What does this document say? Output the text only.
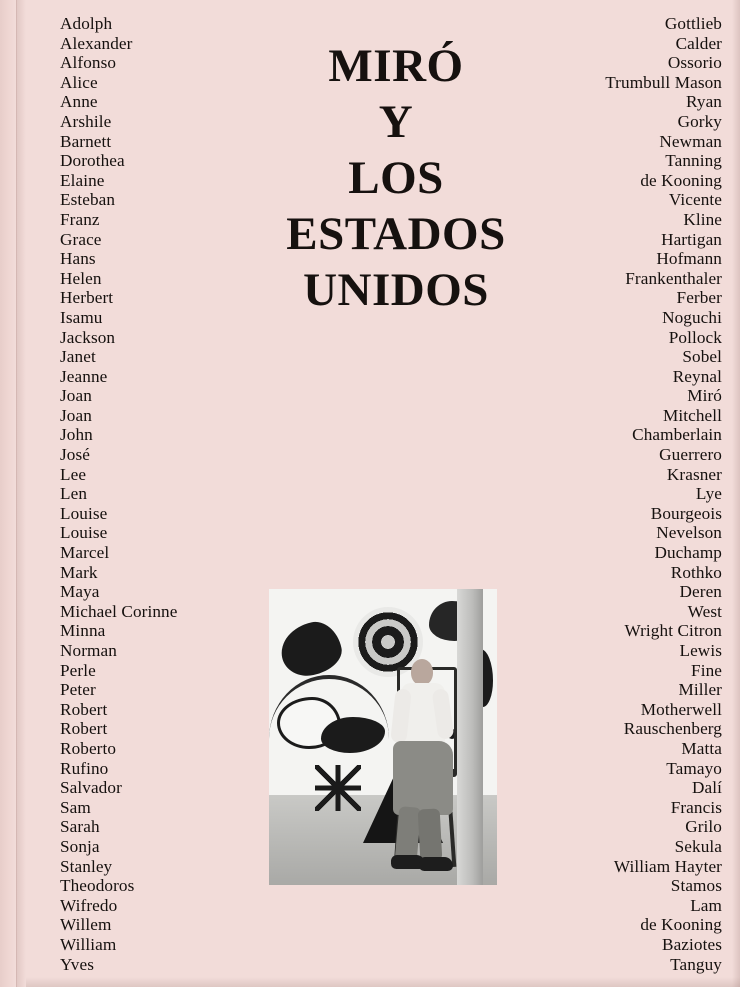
Adolph
Alexander
Alfonso
Alice
Anne
Arshile
Barnett
Dorothea
Elaine
Esteban
Franz
Grace
Hans
Helen
Herbert
Isamu
Jackson
Janet
Jeanne
Joan
Joan
John
José
Lee
Len
Louise
Louise
Marcel
Mark
Maya
Michael Corinne
Minna
Norman
Perle
Peter
Robert
Robert
Roberto
Rufino
Salvador
Sam
Sarah
Sonja
Stanley
Theodoros
Wifredo
Willem
William
Yves
Gottlieb
Calder
Ossorio
Trumbull Mason
Ryan
Gorky
Newman
Tanning
de Kooning
Vicente
Kline
Hartigan
Hofmann
Frankenthaler
Ferber
Noguchi
Pollock
Sobel
Reynal
Miró
Mitchell
Chamberlain
Guerrero
Krasner
Lye
Bourgeois
Nevelson
Duchamp
Rothko
Deren
West
Wright Citron
Lewis
Fine
Miller
Motherwell
Rauschenberg
Matta
Tamayo
Dalí
Francis
Grilo
Sekula
William Hayter
Stamos
Lam
de Kooning
Baziotes
Tanguy
MIRÓ
Y
LOS
ESTADOS
UNIDOS
